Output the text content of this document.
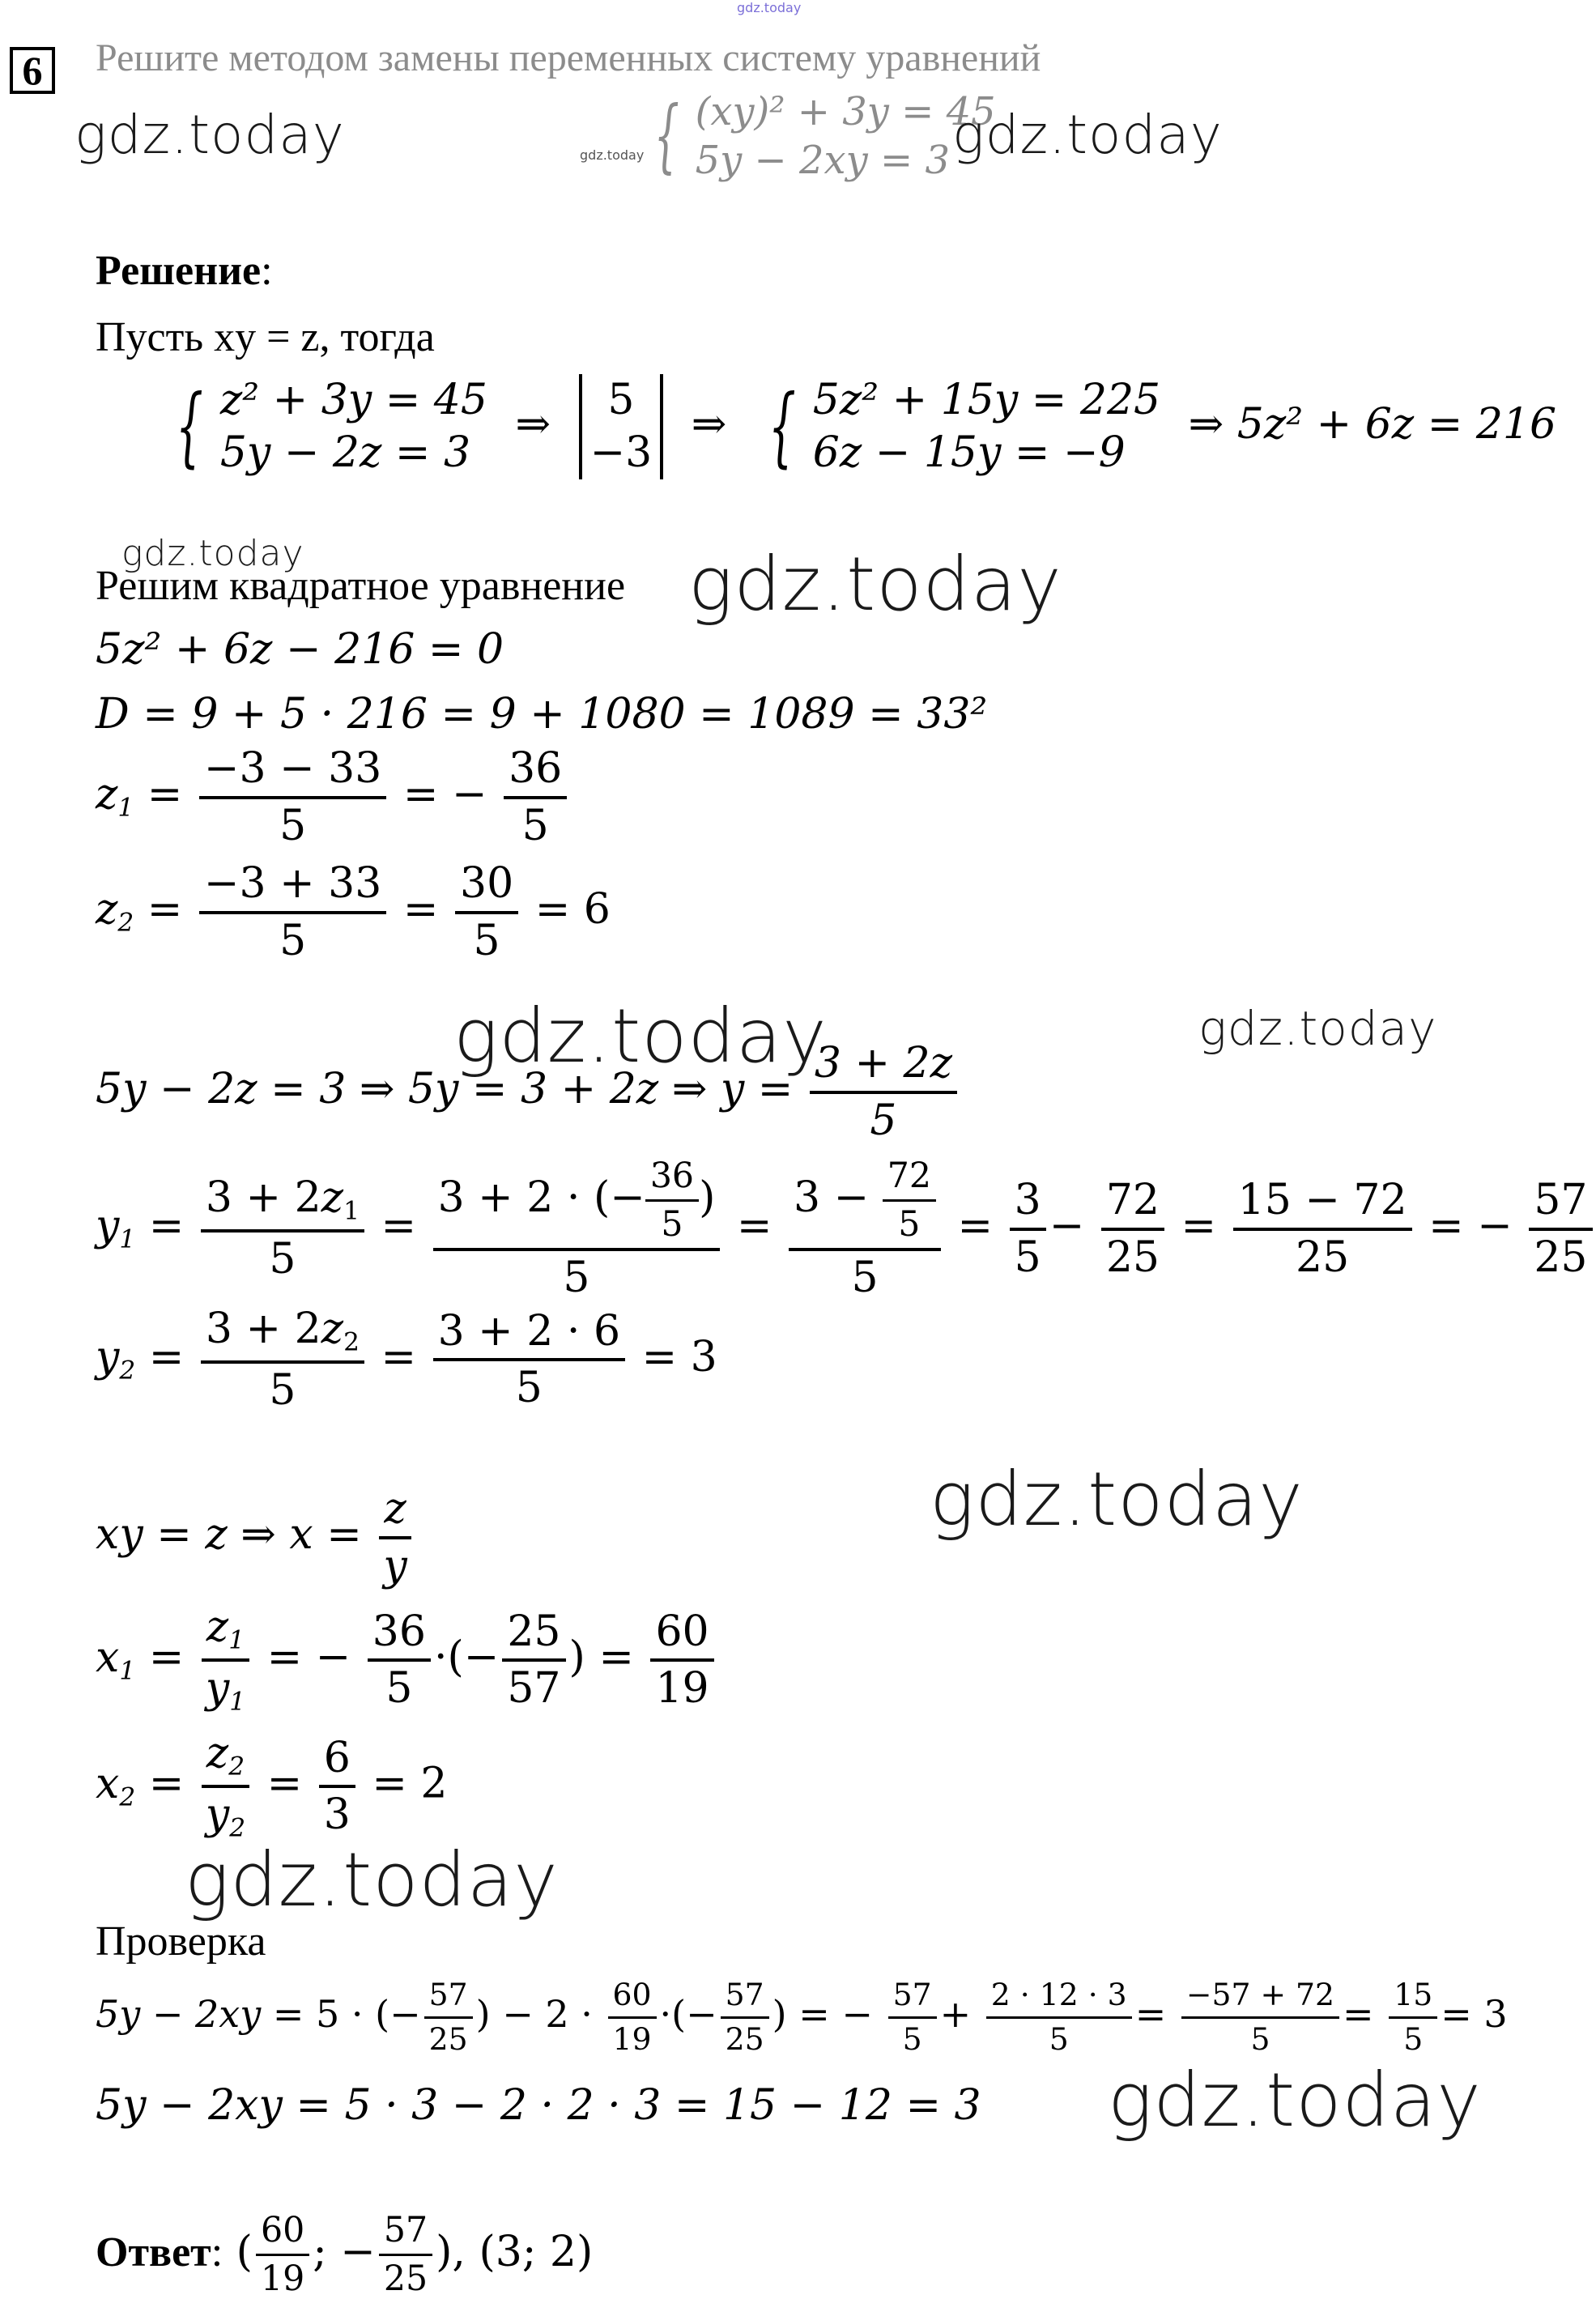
gdz.today
6	Решите методом замены переменных систему уравнений
gdz.today	gdz.today { (xy)² + 3y = 45
5y − 2xy = 3 gdz.today
Решение:
Пусть xy = z, тогда
{ z² + 3y = 45
5y − 2z = 3
⇒	5
−3
⇒ { 5z² + 15y = 225
6z − 15y = −9
⇒ 5z² + 6z = 216
gdz.today
Решим квадратное уравнение gdz.today
5z² + 6z − 216 = 0
D = 9 + 5 · 216 = 9 + 1080 = 1089 = 33²
$z_1 = \frac{-3 - 33}{5}$ = − $\frac{36}{5}$
$z_2 = \frac{-3 + 33}{5} = \frac{30}{5} = 6$
gdz.today	gdz.today
5y − 2z = 3 ⇒ 5y = 3 + 2z ⇒ $y = \frac{3 + 2z}{5}$
$y_1 = \frac{3 + 2z_1}{5} = \frac{3 + 2 \cdot (- \frac{36}{5} )}{5} = \frac{3 - \frac{72}{5}}{5} = \frac{3}{5} - \frac{72}{25} = \frac{15 - 72}{25}$ = − $\frac{57}{25}$
$y_2 = \frac{3 + 2z_2}{5} = \frac{3 + 2 \cdot 6}{5} = 3$
gdz.today
xy = z ⇒ $x = \frac{z}{y}$
$x_1 = \frac{z_1}{y_1}$ = − $\frac{36}{5}$ ·(− $\frac{25}{57}$ ) = $\frac{60}{19}$
$x_2 = \frac{z_2}{y_2} = \frac{6}{3} = 2$
gdz.today
Проверка
5y − 2xy = 5 · (− $\frac{57}{25}$ ) − $2 \cdot \frac{60}{19}$ ·(− $\frac{57}{25}$ ) = − $\frac{57}{5} + \frac{2 \cdot 12 \cdot 3}{5} = \frac{-57 + 72}{5} = \frac{15}{5} = 3$
5y − 2xy = 5 · 3 − 2 · 2 · 3 = 15 − 12 = 3 gdz.today
Ответ: ( $\frac{60}{19}$ ; − $\frac{57}{25}$ ), (3; 2)
